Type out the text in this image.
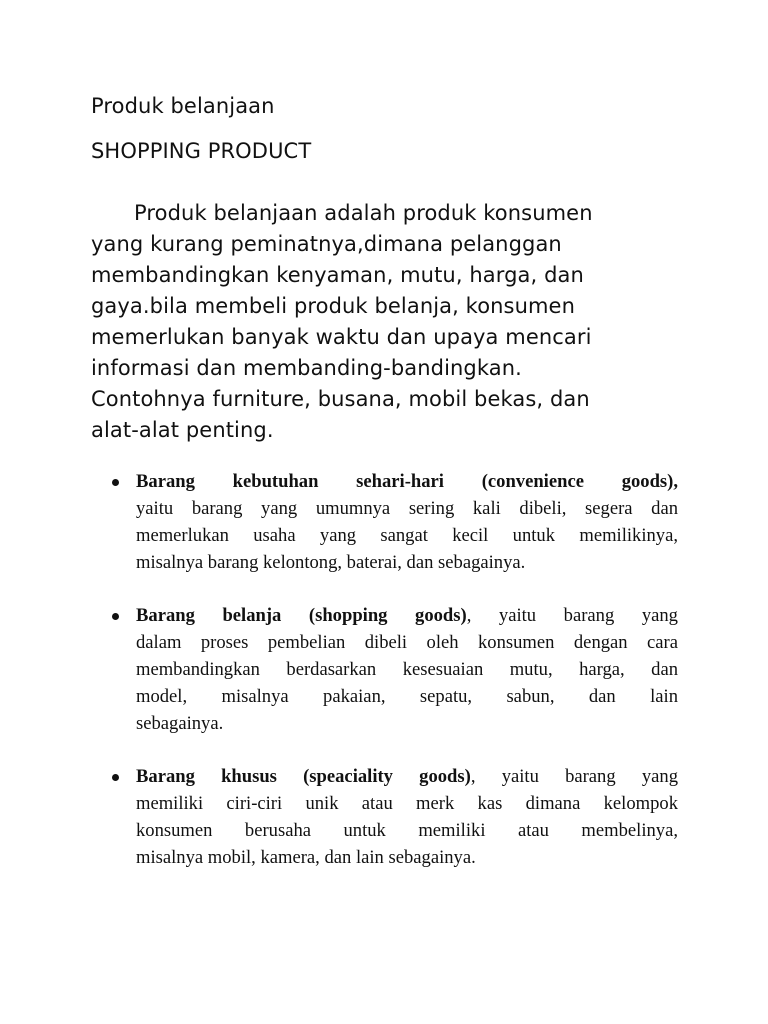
Produk belanjaan
SHOPPING PRODUCT

Produk belanjaan adalah produk konsumen
yang kurang peminatnya,dimana pelanggan
membandingkan kenyaman, mutu, harga, dan
gaya.bila membeli produk belanja, konsumen
memerlukan banyak waktu dan upaya mencari
informasi dan membanding-bandingkan.
Contohnya furniture, busana, mobil bekas, dan
alat-alat penting.

Barang kebutuhan sehari-hari (convenience goods),
yaitu barang yang umumnya sering kali dibeli, segera dan
memerlukan usaha yang sangat kecil untuk memilikinya,
misalnya barang kelontong, baterai, dan sebagainya.
Barang belanja (shopping goods), yaitu barang yang
dalam proses pembelian dibeli oleh konsumen dengan cara
membandingkan berdasarkan kesesuaian mutu, harga, dan
model, misalnya pakaian, sepatu, sabun, dan lain
sebagainya.
Barang khusus (speaciality goods), yaitu barang yang
memiliki ciri-ciri unik atau merk kas dimana kelompok
konsumen berusaha untuk memiliki atau membelinya,
misalnya mobil, kamera, dan lain sebagainya.
